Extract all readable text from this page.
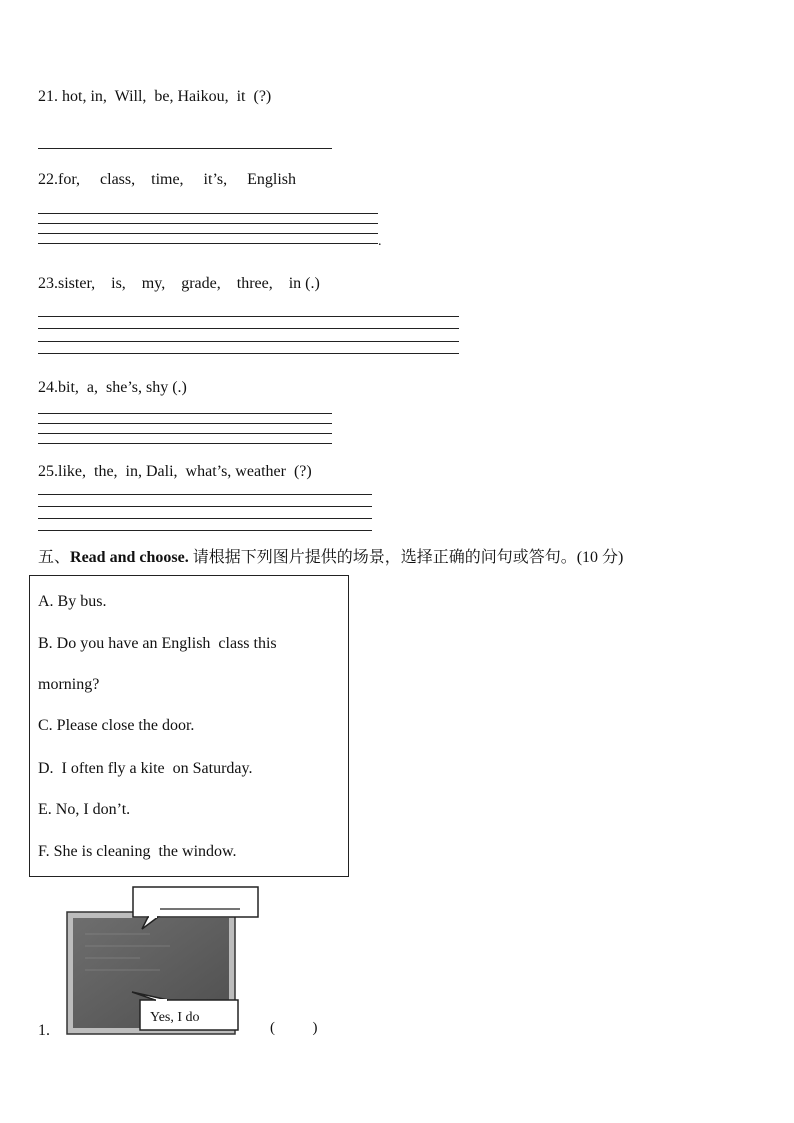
21. hot, in,  Will,  be, Haikou,  it  (?)
22.for,     class,    time,     it’s,     English
.
23.sister,    is,    my,    grade,    three,    in (.)
24.bit,  a,  she’s, shy (.)
25.like,  the,  in, Dali,  what’s, weather  (?)
五、Read and choose. 请根据下列图片提供的场景，选择正确的问句或答句。(10 分)
A. By bus.
B. Do you have an English  class this
morning?
C. Please close the door.
D.  I often fly a kite  on Saturday.
E. No, I don’t.
F. She is cleaning  the window.
1.
Yes, I do
(          )
